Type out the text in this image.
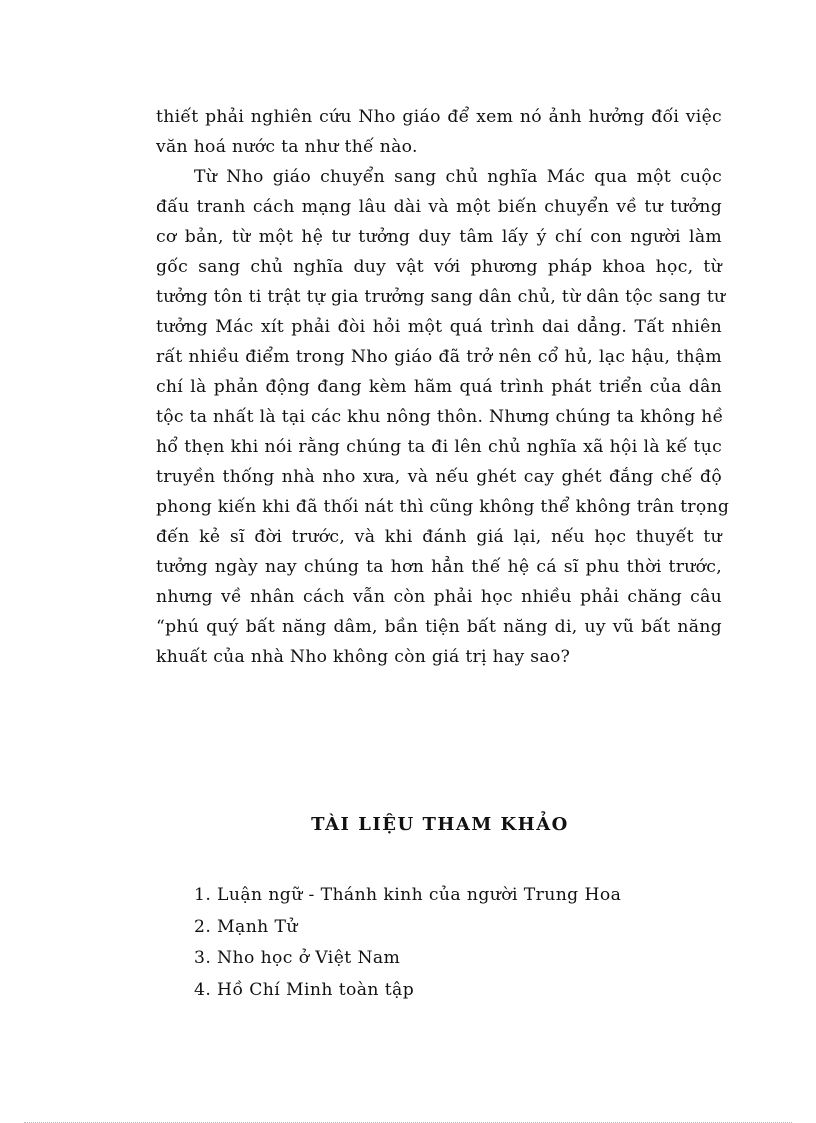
thiết phải nghiên cứu Nho giáo để xem nó ảnh hưởng đối việc
văn hoá nước ta như thế nào.
Từ Nho giáo chuyển sang chủ nghĩa Mác qua một cuộc
đấu tranh cách mạng lâu dài và một biến chuyển về tư tưởng
cơ bản, từ một hệ tư tưởng duy tâm lấy ý chí con người làm
gốc sang chủ nghĩa duy vật với phương pháp khoa học, từ
tưởng tôn ti trật tự gia trưởng sang dân chủ, từ dân tộc sang tư
tưởng Mác xít phải đòi hỏi một quá trình dai dẳng. Tất nhiên
rất nhiều điểm trong Nho giáo đã trở nên cổ hủ, lạc hậu, thậm
chí là phản động đang kèm hãm quá trình phát triển của dân
tộc ta nhất là tại các khu nông thôn. Nhưng chúng ta không hề
hổ thẹn khi nói rằng chúng ta đi lên chủ nghĩa xã hội là kế tục
truyền thống nhà nho xưa, và nếu ghét cay ghét đắng chế độ
phong kiến khi đã thối nát thì cũng không thể không trân trọng
đến kẻ sĩ đời trước, và khi đánh giá lại, nếu học thuyết tư
tưởng ngày nay chúng ta hơn hẳn thế hệ cá sĩ phu thời trước,
nhưng về nhân cách vẫn còn phải học nhiều phải chăng câu
“phú quý bất năng dâm, bần tiện bất năng di, uy vũ bất năng
khuất của nhà Nho không còn giá trị hay sao?
TÀI LIỆU THAM KHẢO
1. Luận ngữ - Thánh kinh của người Trung Hoa
2. Mạnh Tử
3. Nho học ở Việt Nam
4. Hồ Chí Minh toàn tập
